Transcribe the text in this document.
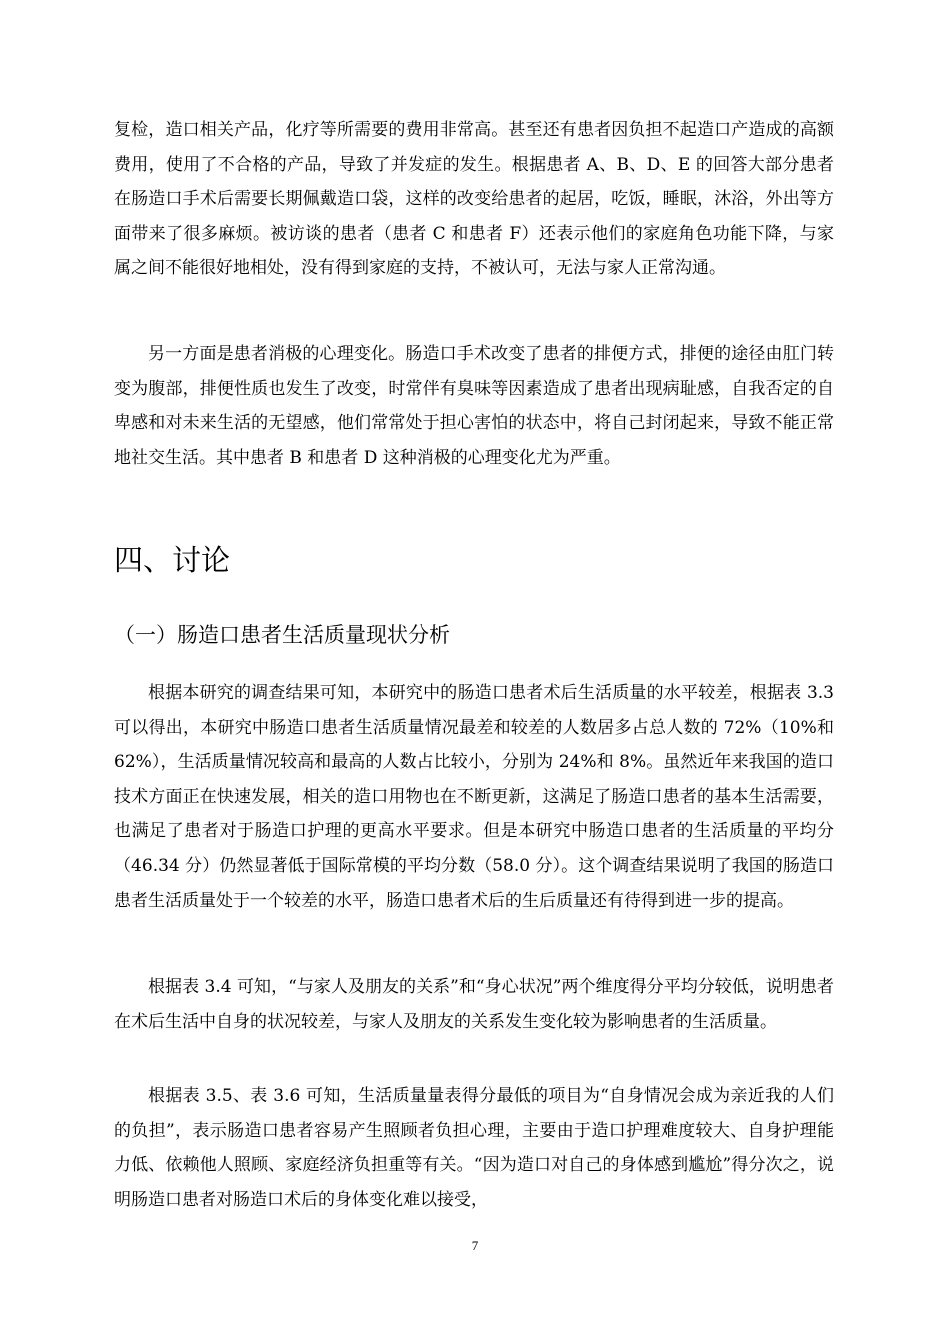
复检，造口相关产品，化疗等所需要的费用非常高。甚至还有患者因负担不起造口产造成的高额费用，使用了不合格的产品，导致了并发症的发生。根据患者 A、B、D、E 的回答大部分患者在肠造口手术后需要长期佩戴造口袋，这样的改变给患者的起居，吃饭，睡眠，沐浴，外出等方面带来了很多麻烦。被访谈的患者（患者 C 和患者 F）还表示他们的家庭角色功能下降，与家属之间不能很好地相处，没有得到家庭的支持，不被认可，无法与家人正常沟通。

另一方面是患者消极的心理变化。肠造口手术改变了患者的排便方式，排便的途径由肛门转变为腹部，排便性质也发生了改变，时常伴有臭味等因素造成了患者出现病耻感，自我否定的自卑感和对未来生活的无望感，他们常常处于担心害怕的状态中，将自己封闭起来，导致不能正常地社交生活。其中患者 B 和患者 D 这种消极的心理变化尤为严重。

四、讨论
（一）肠造口患者生活质量现状分析

根据本研究的调查结果可知，本研究中的肠造口患者术后生活质量的水平较差，根据表 3.3 可以得出，本研究中肠造口患者生活质量情况最差和较差的人数居多占总人数的 72%（10%和 62%），生活质量情况较高和最高的人数占比较小，分别为 24%和 8%。虽然近年来我国的造口技术方面正在快速发展，相关的造口用物也在不断更新，这满足了肠造口患者的基本生活需要，也满足了患者对于肠造口护理的更高水平要求。但是本研究中肠造口患者的生活质量的平均分（46.34 分）仍然显著低于国际常模的平均分数（58.0 分）。这个调查结果说明了我国的肠造口患者生活质量处于一个较差的水平，肠造口患者术后的生后质量还有待得到进一步的提高。

根据表 3.4 可知，“与家人及朋友的关系”和“身心状况”两个维度得分平均分较低，说明患者在术后生活中自身的状况较差，与家人及朋友的关系发生变化较为影响患者的生活质量。

根据表 3.5、表 3.6 可知，生活质量量表得分最低的项目为“自身情况会成为亲近我的人们的负担”，表示肠造口患者容易产生照顾者负担心理，主要由于造口护理难度较大、自身护理能力低、依赖他人照顾、家庭经济负担重等有关。“因为造口对自己的身体感到尴尬”得分次之，说明肠造口患者对肠造口术后的身体变化难以接受，

7
